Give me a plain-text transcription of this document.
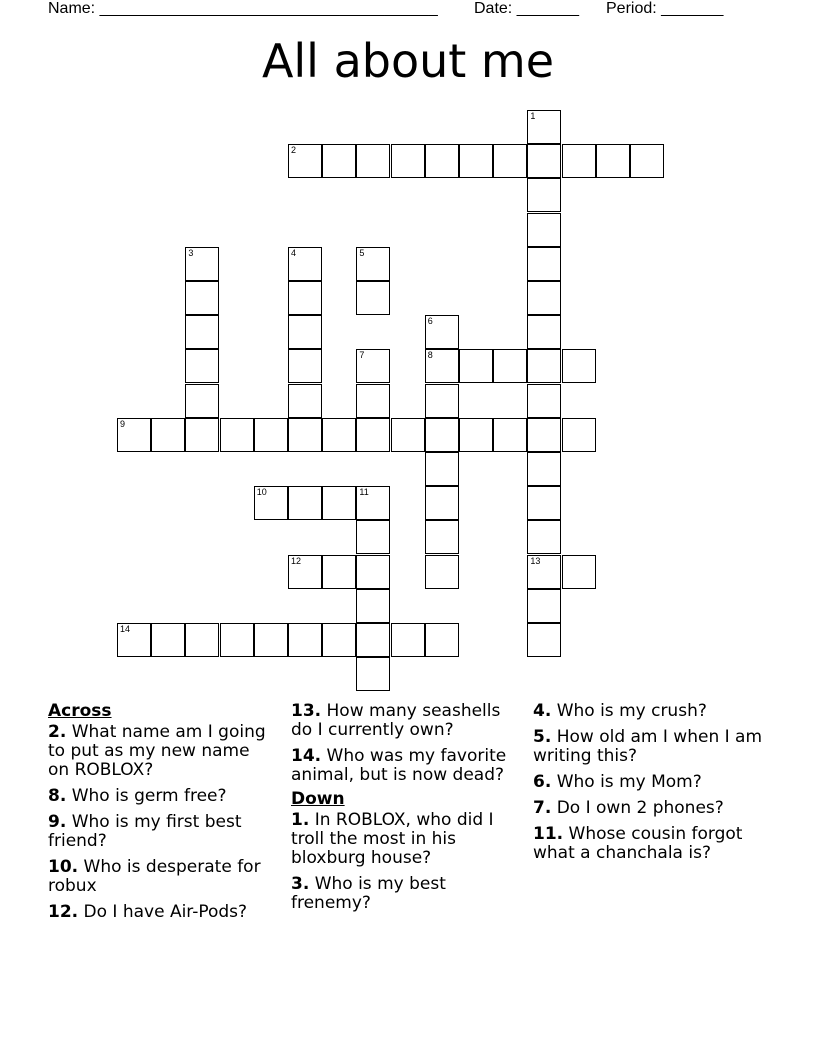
Name: ______________________________________ Date: _______ Period: _______
All about me
1
13
2
3	4	5
6
8
7
9
10	11
12
14
Across
2. What name am I going to put as my new name on ROBLOX?
8. Who is germ free?
9. Who is my first best friend?
10. Who is desperate for robux
12. Do I have Air-Pods?
13. How many seashells do I currently own?
14. Who was my favorite animal, but is now dead?
Down
1. In ROBLOX, who did I troll the most in his bloxburg house?
3. Who is my best frenemy?
4. Who is my crush?
5. How old am I when I am writing this?
6. Who is my Mom?
7. Do I own 2 phones?
11. Whose cousin forgot what a chanchala is?
